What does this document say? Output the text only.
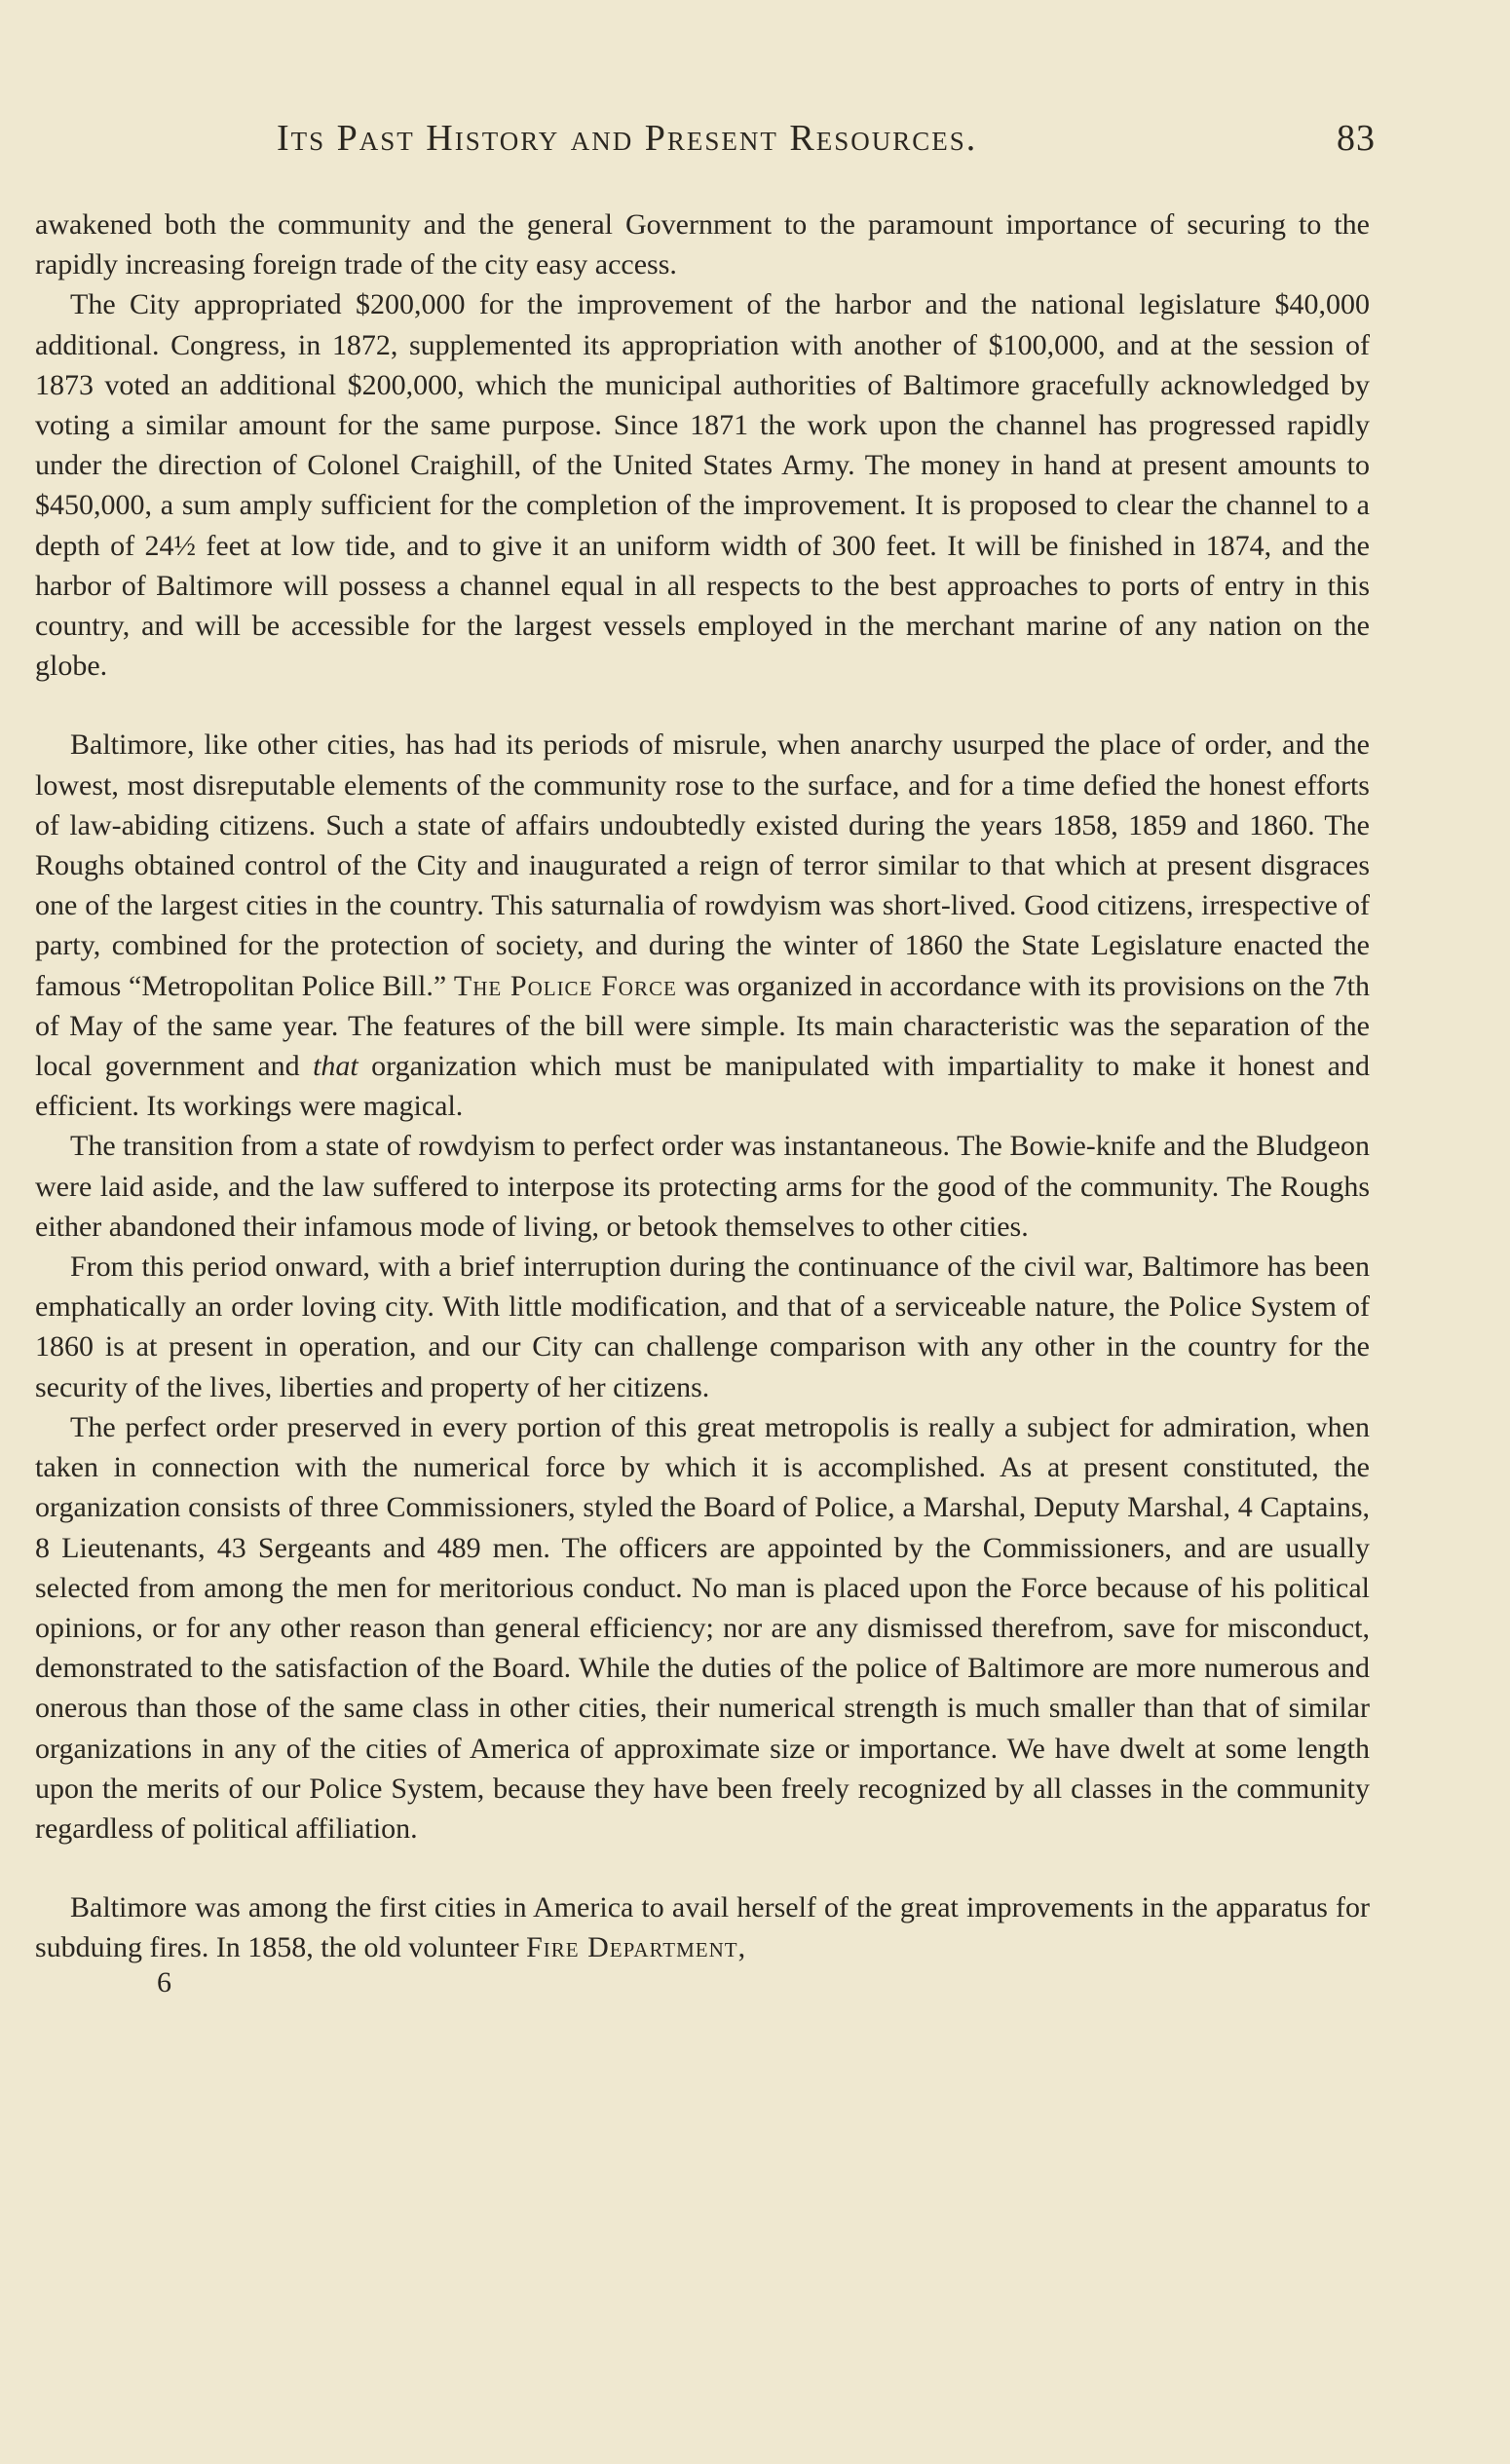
Its Past History and Present Resources.	83

awakened both the community and the general Government to the paramount importance of securing to the rapidly increasing foreign trade of the city easy access.

The City appropriated $200,000 for the improvement of the harbor and the national legislature $40,000 additional. Congress, in 1872, supplemented its appropriation with another of $100,000, and at the session of 1873 voted an additional $200,000, which the municipal authorities of Baltimore gracefully acknowledged by voting a similar amount for the same purpose. Since 1871 the work upon the channel has progressed rapidly under the direction of Colonel Craighill, of the United States Army. The money in hand at present amounts to $450,000, a sum amply sufficient for the completion of the improvement. It is proposed to clear the channel to a depth of 24½ feet at low tide, and to give it an uniform width of 300 feet. It will be finished in 1874, and the harbor of Baltimore will possess a channel equal in all respects to the best approaches to ports of entry in this country, and will be accessible for the largest vessels employed in the merchant marine of any nation on the globe.

Baltimore, like other cities, has had its periods of misrule, when anarchy usurped the place of order, and the lowest, most disreputable elements of the community rose to the surface, and for a time defied the honest efforts of law-abiding citizens. Such a state of affairs undoubtedly existed during the years 1858, 1859 and 1860. The Roughs obtained control of the City and inaugurated a reign of terror similar to that which at present disgraces one of the largest cities in the country. This saturnalia of rowdyism was short-lived. Good citizens, irrespective of party, combined for the protection of society, and during the winter of 1860 the State Legislature enacted the famous “Metropolitan Police Bill.” The Police Force was organized in accordance with its provisions on the 7th of May of the same year. The features of the bill were simple. Its main characteristic was the separation of the local government and that organization which must be manipulated with impartiality to make it honest and efficient. Its workings were magical.

The transition from a state of rowdyism to perfect order was instantaneous. The Bowie-knife and the Bludgeon were laid aside, and the law suffered to interpose its protecting arms for the good of the community. The Roughs either abandoned their infamous mode of living, or betook themselves to other cities.

From this period onward, with a brief interruption during the continuance of the civil war, Baltimore has been emphatically an order loving city. With little modification, and that of a serviceable nature, the Police System of 1860 is at present in operation, and our City can challenge comparison with any other in the country for the security of the lives, liberties and property of her citizens.

The perfect order preserved in every portion of this great metropolis is really a subject for admiration, when taken in connection with the numerical force by which it is accomplished. As at present constituted, the organization consists of three Commissioners, styled the Board of Police, a Marshal, Deputy Marshal, 4 Captains, 8 Lieutenants, 43 Sergeants and 489 men. The officers are appointed by the Commissioners, and are usually selected from among the men for meritorious conduct. No man is placed upon the Force because of his political opinions, or for any other reason than general efficiency; nor are any dismissed therefrom, save for misconduct, demonstrated to the satisfaction of the Board. While the duties of the police of Baltimore are more numerous and onerous than those of the same class in other cities, their numerical strength is much smaller than that of similar organizations in any of the cities of America of approximate size or importance. We have dwelt at some length upon the merits of our Police System, because they have been freely recognized by all classes in the community regardless of political affiliation.

Baltimore was among the first cities in America to avail herself of the great improvements in the apparatus for subduing fires. In 1858, the old volunteer Fire Department,

6
